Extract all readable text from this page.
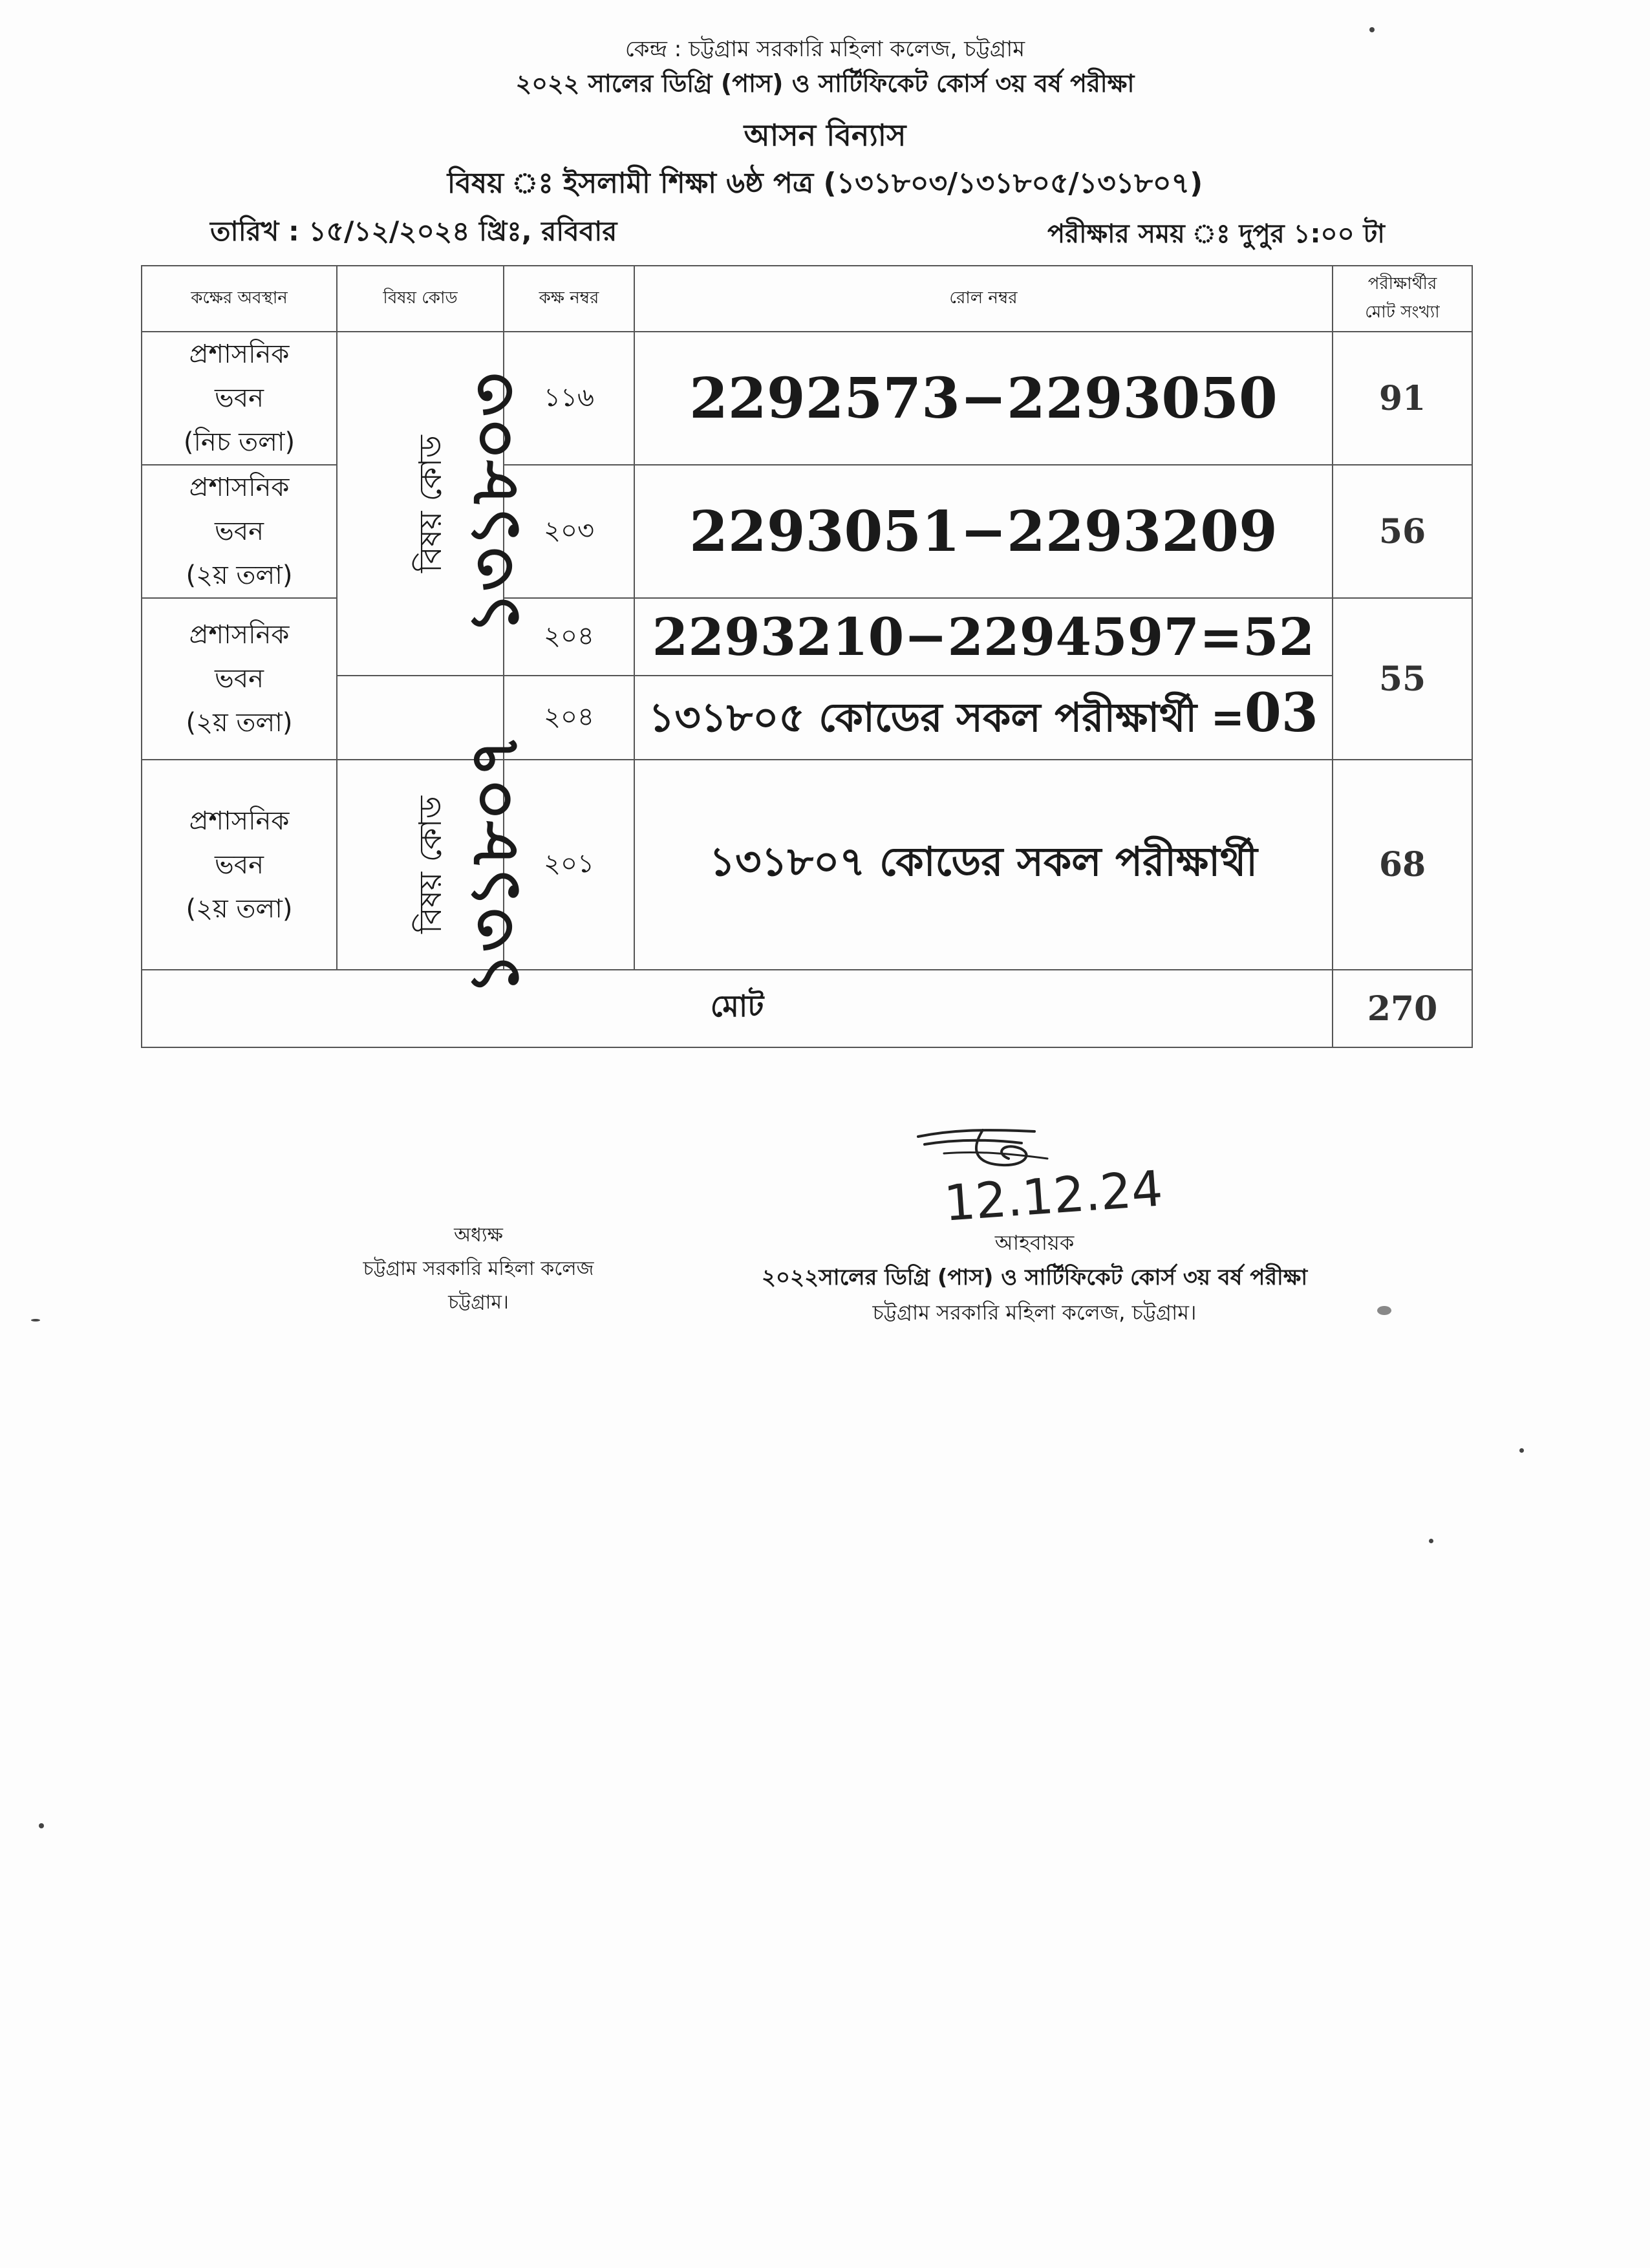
কেন্দ্র : চট্টগ্রাম সরকারি মহিলা কলেজ, চট্টগ্রাম
২০২২ সালের ডিগ্রি (পাস) ও সার্টিফিকেট কোর্স ৩য় বর্ষ পরীক্ষা
আসন বিন্যাস
বিষয় ঃ ইসলামী শিক্ষা ৬ষ্ঠ পত্র (১৩১৮০৩/১৩১৮০৫/১৩১৮০৭)
তারিখ : ১৫/১২/২০২৪ খ্রিঃ, রবিবার	পরীক্ষার সময় ঃ দুপুর ১:০০ টা
কক্ষের অবস্থান	বিষয় কোড	কক্ষ নম্বর	রোল নম্বর	পরীক্ষার্থীর
মোট সংখ্যা
প্রশাসনিক
ভবন
(নিচ তলা)	বিষয় কোড ১৩১৮০৩	১১৬	2292573−2293050	91
প্রশাসনিক
ভবন
(২য় তলা)		২০৩	2293051−2293209	56
প্রশাসনিক
ভবন
(২য় তলা)		২০৪	2293210−2294597=52	55
		২০৪	১৩১৮০৫ কোডের সকল পরীক্ষার্থী =03	
প্রশাসনিক
ভবন
(২য় তলা)	বিষয় কোড ১৩১৮০৭	২০১	১৩১৮০৭ কোডের সকল পরীক্ষার্থী	68
মোট				270
12.12.24
অধ্যক্ষ
চট্টগ্রাম সরকারি মহিলা কলেজ
চট্টগ্রাম।
আহবায়ক
২০২২সালের ডিগ্রি (পাস) ও সার্টিফিকেট কোর্স ৩য় বর্ষ পরীক্ষা
চট্টগ্রাম সরকারি মহিলা কলেজ, চট্টগ্রাম।
